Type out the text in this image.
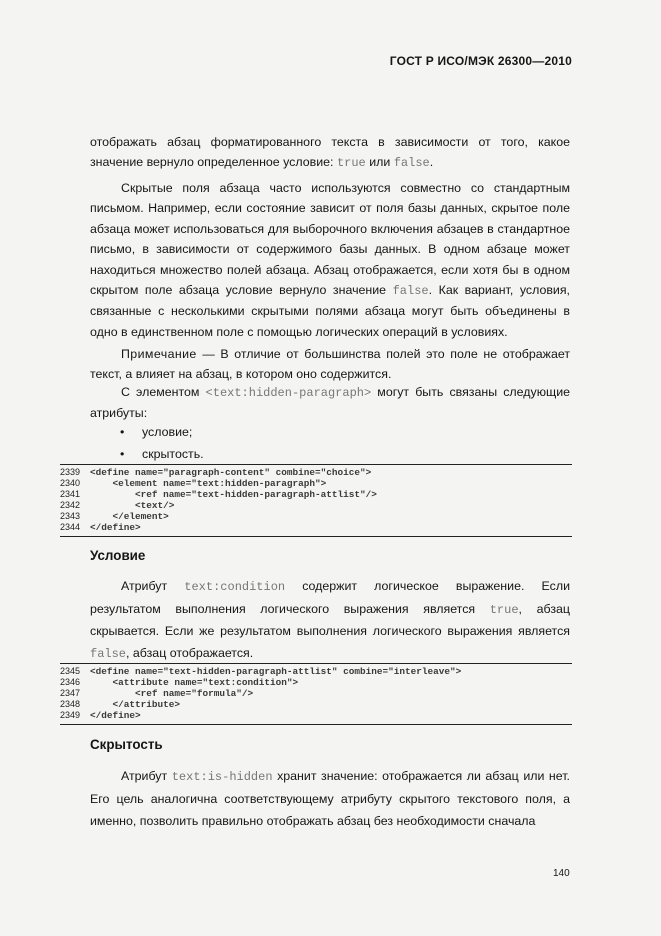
ГОСТ Р ИСО/МЭК 26300—2010

отображать абзац форматированного текста в зависимости от того, какое значение вернуло определенное условие: true или false.

Скрытые поля абзаца часто используются совместно со стандартным письмом. Например, если состояние зависит от поля базы данных, скрытое поле абзаца может использоваться для выборочного включения абзацев в стандартное письмо, в зависимости от содержимого базы данных. В одном абзаце может находиться множество полей абзаца. Абзац отображается, если хотя бы в одном скрытом поле абзаца условие вернуло значение false. Как вариант, условия, связанные с несколькими скрытыми полями абзаца могут быть объединены в одно в единственном поле с помощью логических операций в условиях.

Примечание — В отличие от большинства полей это поле не отображает текст, а влияет на абзац, в котором оно содержится.

С элементом <text:hidden-paragraph> могут быть связаны следующие атрибуты:

• условие;
• скрытость.
2339	<define name="paragraph-content" combine="choice">
2340	<element name="text:hidden-paragraph">
2341	<ref name="text-hidden-paragraph-attlist"/>
2342	<text/>
2343	</element>
2344	</define>
Условие

Атрибут text:condition содержит логическое выражение. Если результатом выполнения логического выражения является true, абзац скрывается. Если же результатом выполнения логического выражения является false, абзац отображается.

2345	<define name="text-hidden-paragraph-attlist" combine="interleave">
2346	<attribute name="text:condition">
2347	<ref name="formula"/>
2348	</attribute>
2349	</define>
Скрытость

Атрибут text:is-hidden хранит значение: отображается ли абзац или нет. Его цель аналогична соответствующему атрибуту скрытого текстового поля, а именно, позволить правильно отображать абзац без необходимости сначала

140
